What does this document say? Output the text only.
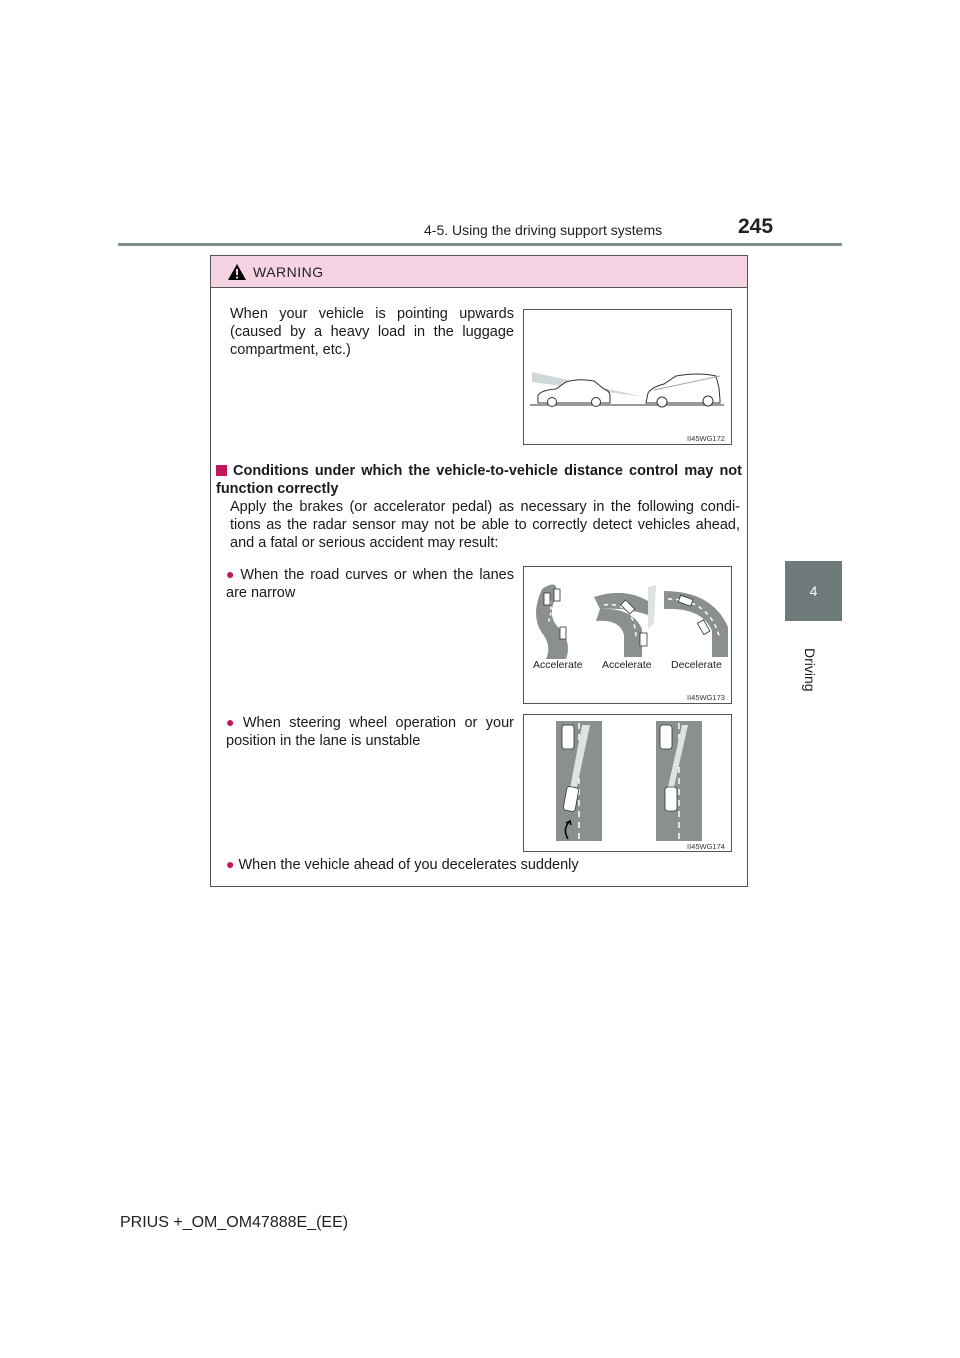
4-5. Using the driving support systems	245
4
Driving
WARNING
When your vehicle is pointing upwards (caused by a heavy load in the luggage compartment, etc.)
II45WG172
Conditions under which the vehicle-to-vehicle distance control may not function correctly
Apply the brakes (or accelerator pedal) as necessary in the following condi-tions as the radar sensor may not be able to correctly detect vehicles ahead, and a fatal or serious accident may result:
● When the road curves or when the lanes are narrow
Accelerate Accelerate Decelerate
II45WG173
● When steering wheel operation or your position in the lane is unstable
II45WG174
● When the vehicle ahead of you decelerates suddenly
PRIUS +_OM_OM47888E_(EE)
